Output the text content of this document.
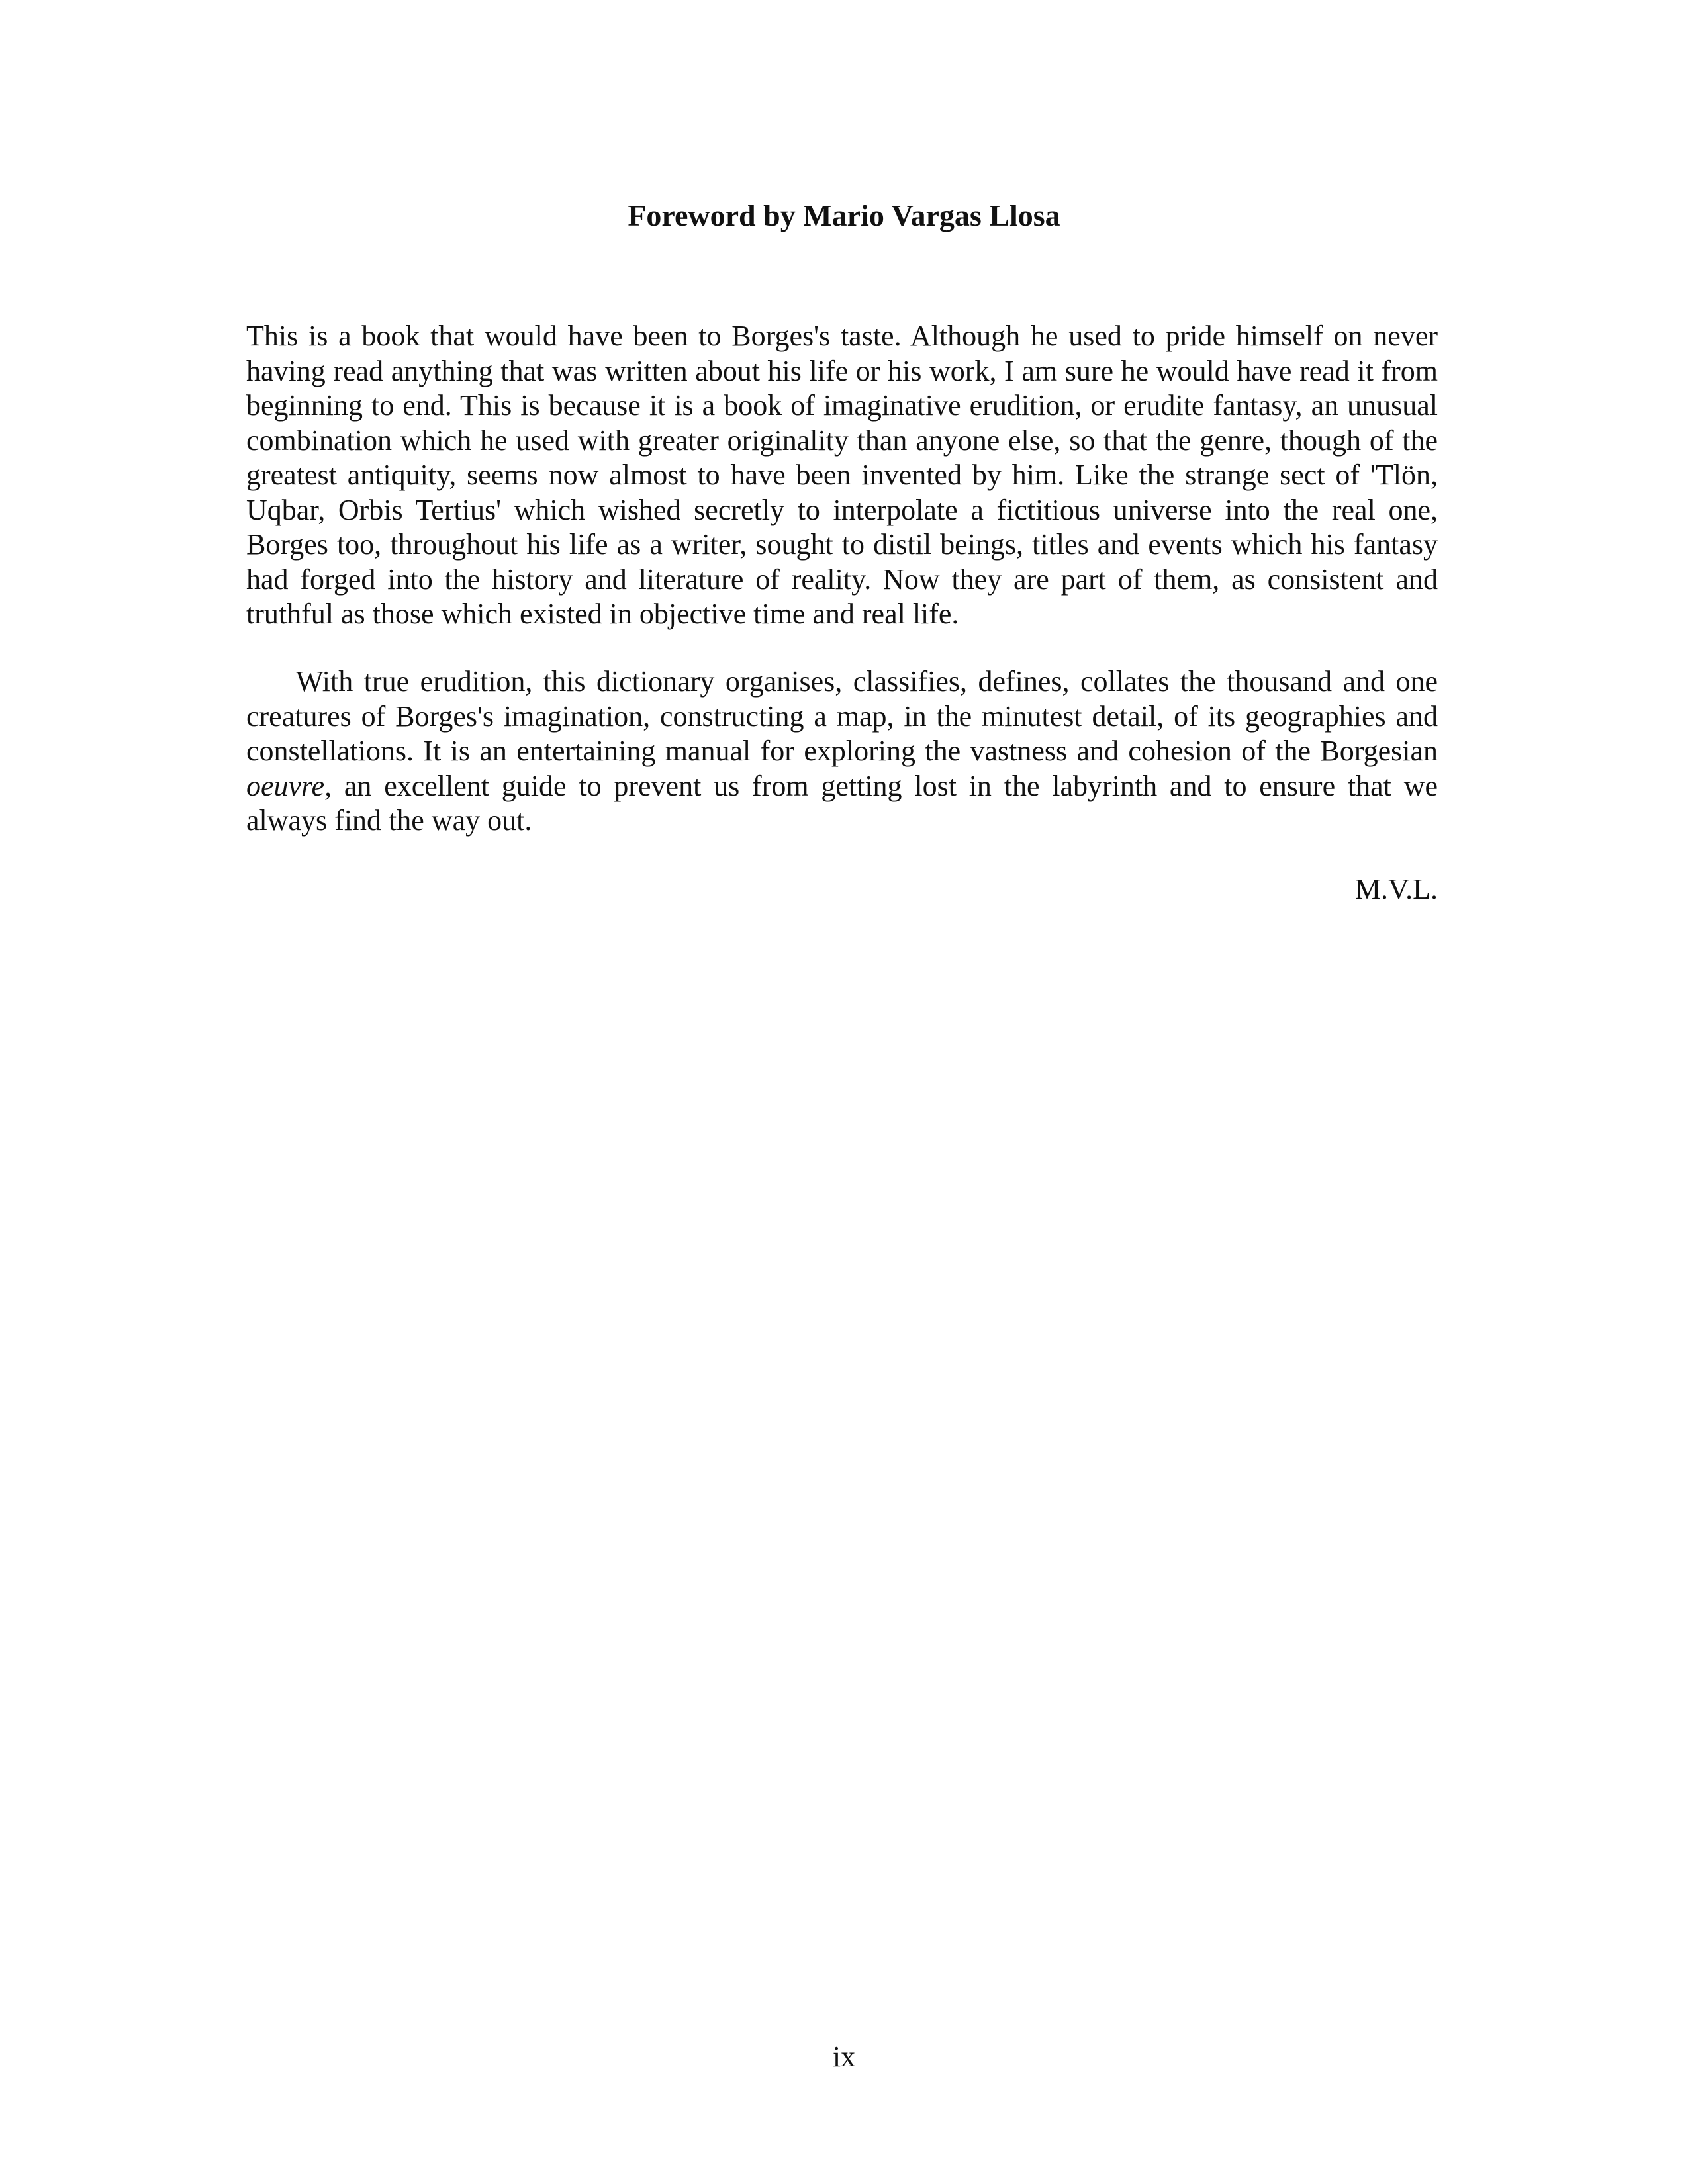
Foreword by Mario Vargas Llosa

This is a book that would have been to Borges's taste. Although he used to pride himself on never having read anything that was written about his life or his work, I am sure he would have read it from beginning to end. This is because it is a book of imaginative erudition, or erudite fantasy, an unusual combination which he used with greater originality than anyone else, so that the genre, though of the greatest antiquity, seems now almost to have been invented by him. Like the strange sect of 'Tlön, Uqbar, Orbis Tertius' which wished secretly to interpolate a fictitious universe into the real one, Borges too, throughout his life as a writer, sought to distil beings, titles and events which his fantasy had forged into the history and literature of reality. Now they are part of them, as consistent and truthful as those which existed in objective time and real life.

With true erudition, this dictionary organises, classifies, defines, collates the thousand and one creatures of Borges's imagination, constructing a map, in the minutest detail, of its geographies and constellations. It is an entertaining manual for exploring the vastness and cohesion of the Borgesian oeuvre, an excellent guide to prevent us from getting lost in the labyrinth and to ensure that we always find the way out.

M.V.L.

ix
